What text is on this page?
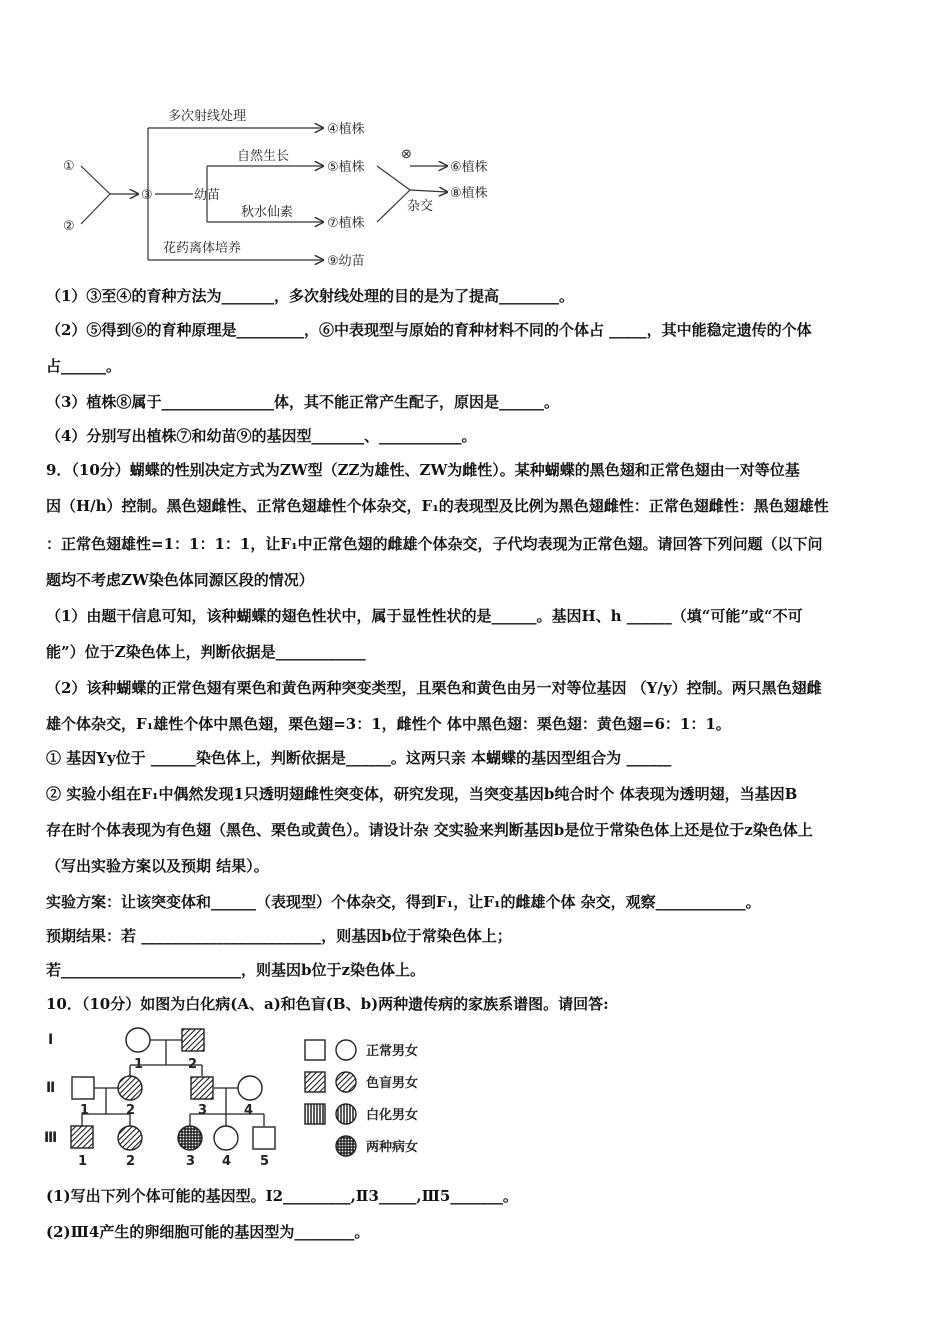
①
②
③
多次射线处理
④植株
幼苗
自然生长
⑤植株
⊗
⑥植株
杂交
⑧植株
秋水仙素
⑦植株
花药离体培养
⑨幼苗
（1）③至④的育种方法为_______，多次射线处理的目的是为了提高________。
（2）⑤得到⑥的育种原理是_________，⑥中表现型与原始的育种材料不同的个体占 _____，其中能稳定遗传的个体
占______。
（3）植株⑧属于_______________体，其不能正常产生配子，原因是______。
（4）分别写出植株⑦和幼苗⑨的基因型_______、___________。
9．（10分）蝴蝶的性别决定方式为ZW型（ZZ为雄性、ZW为雌性）。某种蝴蝶的黑色翅和正常色翅由一对等位基
因（H/h）控制。黑色翅雌性、正常色翅雄性个体杂交，F₁的表现型及比例为黑色翅雌性：正常色翅雌性：黑色翅雄性
：正常色翅雄性=1：1：1：1，让F₁中正常色翅的雌雄个体杂交，子代均表现为正常色翅。请回答下列问题（以下问
题均不考虑ZW染色体同源区段的情况）
（1）由题干信息可知，该种蝴蝶的翅色性状中，属于显性性状的是______。基因H、h ______（填“可能”或“不可
能”）位于Z染色体上，判断依据是____________
（2）该种蝴蝶的正常色翅有栗色和黄色两种突变类型，且栗色和黄色由另一对等位基因 （Y/y）控制。两只黑色翅雌
雄个体杂交，F₁雄性个体中黑色翅，栗色翅=3：1，雌性个 体中黑色翅：栗色翅：黄色翅=6：1：1。
① 基因Yy位于 ______染色体上，判断依据是______。这两只亲 本蝴蝶的基因型组合为 ______
② 实验小组在F₁中偶然发现1只透明翅雌性突变体，研究发现，当突变基因b纯合时个 体表现为透明翅，当基因B
存在时个体表现为有色翅（黑色、栗色或黄色）。请设计杂 交实验来判断基因b是位于常染色体上还是位于z染色体上
（写出实验方案以及预期 结果）。
实验方案：让该突变体和______（表现型）个体杂交，得到F₁，让F₁的雌雄个体 杂交，观察____________。
预期结果：若 ________________________，则基因b位于常染色体上；
若________________________，则基因b位于z染色体上。
10．（10分）如图为白化病(A、a)和色盲(B、b)两种遗传病的家族系谱图。请回答:
(1)写出下列个体可能的基因型。Ⅰ2_________,Ⅱ3_____,Ⅲ5_______。
(2)Ⅲ4产生的卵细胞可能的基因型为________。
Ⅰ
Ⅱ
Ⅲ
1	2
1	2	3	4
1	2	3 4 5
正常男女
色盲男女
白化男女
两种病女
